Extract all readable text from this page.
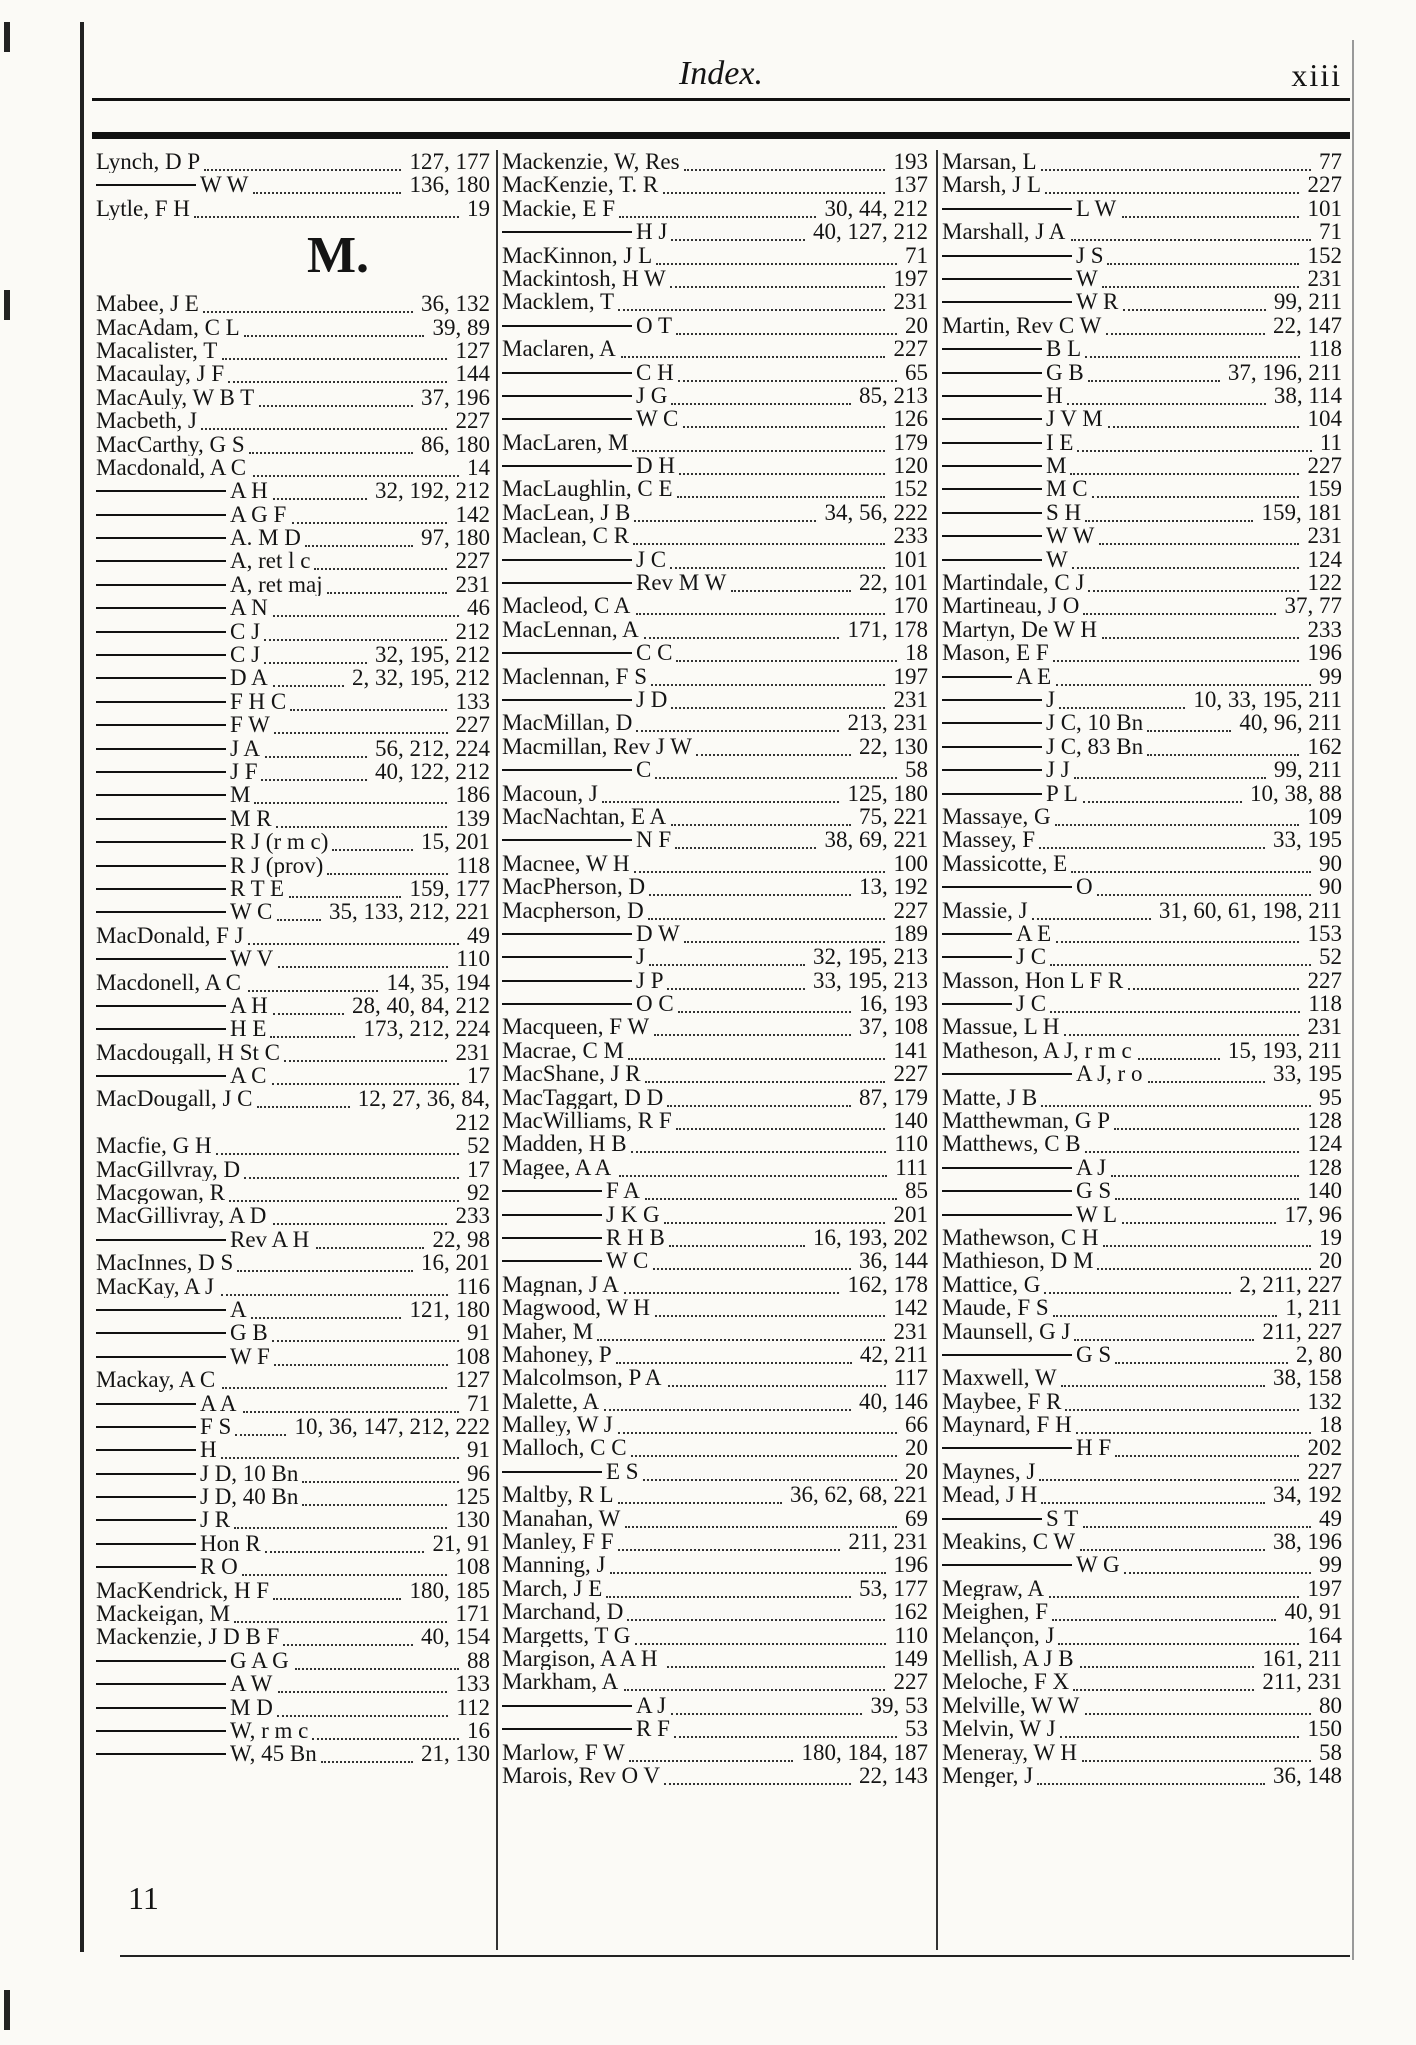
Index.	xiii
Lynch, D P	127, 177
W W	136, 180
Lytle, F H	19
M.
Mabee, J E	36, 132
MacAdam, C L	39, 89
Macalister, T	127
Macaulay, J F	144
MacAuly, W B T	37, 196
Macbeth, J	227
MacCarthy, G S	86, 180
Macdonald, A C	14
A H	32, 192, 212
A G F	142
A. M D	97, 180
A, ret l c	227
A, ret maj	231
A N	46
C J	212
C J	32, 195, 212
D A	2, 32, 195, 212
F H C	133
F W	227
J A	56, 212, 224
J F	40, 122, 212
M	186
M R	139
R J (r m c)	15, 201
R J (prov)	118
R T E	159, 177
W C 35, 133, 212, 221
MacDonald, F J	49
W V	110
Macdonell, A C	14, 35, 194
A H	28, 40, 84, 212
H E	173, 212, 224
Macdougall, H St C	231
A C	17
MacDougall, J C	12, 27, 36, 84,
212
Macfie, G H	52
MacGillvray, D	17
Macgowan, R	92
MacGillivray, A D	233
Rev A H	22, 98
MacInnes, D S	16, 201
MacKay, A J	116
A	121, 180
G B	91
W F	108
Mackay, A C	127
A A	71
F S	10, 36, 147, 212, 222
H	91
J D, 10 Bn	96
J D, 40 Bn	125
J R	130
Hon R	21, 91
R O	108
MacKendrick, H F	180, 185
Mackeigan, M	171
Mackenzie, J D B F	40, 154
G A G	88
A W	133
M D	112
W, r m c	16
W, 45 Bn	21, 130
Mackenzie, W, Res	193
MacKenzie, T. R	137
Mackie, E F	30, 44, 212
H J	40, 127, 212
MacKinnon, J L	71
Mackintosh, H W	197
Macklem, T	231
O T	20
Maclaren, A	227
C H	65
J G	85, 213
W C	126
MacLaren, M	179
D H	120
MacLaughlin, C E	152
MacLean, J B	34, 56, 222
Maclean, C R	233
J C	101
Rev M W	22, 101
Macleod, C A	170
MacLennan, A	171, 178
C C	18
Maclennan, F S	197
J D	231
MacMillan, D	213, 231
Macmillan, Rev J W	22, 130
C	58
Macoun, J	125, 180
MacNachtan, E A	75, 221
N F	38, 69, 221
Macnee, W H	100
MacPherson, D	13, 192
Macpherson, D	227
D W	189
J	32, 195, 213
J P	33, 195, 213
O C	16, 193
Macqueen, F W	37, 108
Macrae, C M	141
MacShane, J R	227
MacTaggart, D D	87, 179
MacWilliams, R F	140
Madden, H B	110
Magee, A A	111
F A	85
J K G	201
R H B	16, 193, 202
W C	36, 144
Magnan, J A	162, 178
Magwood, W H	142
Maher, M	231
Mahoney, P	42, 211
Malcolmson, P A	117
Malette, A	40, 146
Malley, W J	66
Malloch, C C	20
E S	20
Maltby, R L	36, 62, 68, 221
Manahan, W	69
Manley, F F	211, 231
Manning, J	196
March, J E	53, 177
Marchand, D	162
Margetts, T G	110
Margison, A A H	149
Markham, A	227
A J	39, 53
R F	53
Marlow, F W	180, 184, 187
Marois, Rev O V	22, 143
Marsan, L	77
Marsh, J L	227
L W	101
Marshall, J A	71
J S	152
W	231
W R	99, 211
Martin, Rev C W	22, 147
B L	118
G B	37, 196, 211
H	38, 114
J V M	104
I E	11
M	227
M C	159
S H	159, 181
W W	231
W	124
Martindale, C J	122
Martineau, J O	37, 77
Martyn, De W H	233
Mason, E F	196
A E	99
J	10, 33, 195, 211
J C, 10 Bn	40, 96, 211
J C, 83 Bn	162
J J	99, 211
P L	10, 38, 88
Massaye, G	109
Massey, F	33, 195
Massicotte, E	90
O	90
Massie, J	31, 60, 61, 198, 211
A E	153
J C	52
Masson, Hon L F R	227
J C	118
Massue, L H	231
Matheson, A J, r m c	15, 193, 211
A J, r o	33, 195
Matte, J B	95
Matthewman, G P	128
Matthews, C B	124
A J	128
G S	140
W L	17, 96
Mathewson, C H	19
Mathieson, D M	20
Mattice, G	2, 211, 227
Maude, F S	1, 211
Maunsell, G J	211, 227
G S	2, 80
Maxwell, W	38, 158
Maybee, F R	132
Maynard, F H	18
H F	202
Maynes, J	227
Mead, J H	34, 192
S T	49
Meakins, C W	38, 196
W G	99
Megraw, A	197
Meighen, F	40, 91
Melançon, J	164
Mellish, A J B	161, 211
Meloche, F X	211, 231
Melville, W W	80
Melvin, W J	150
Meneray, W H	58
Menger, J	36, 148
11
